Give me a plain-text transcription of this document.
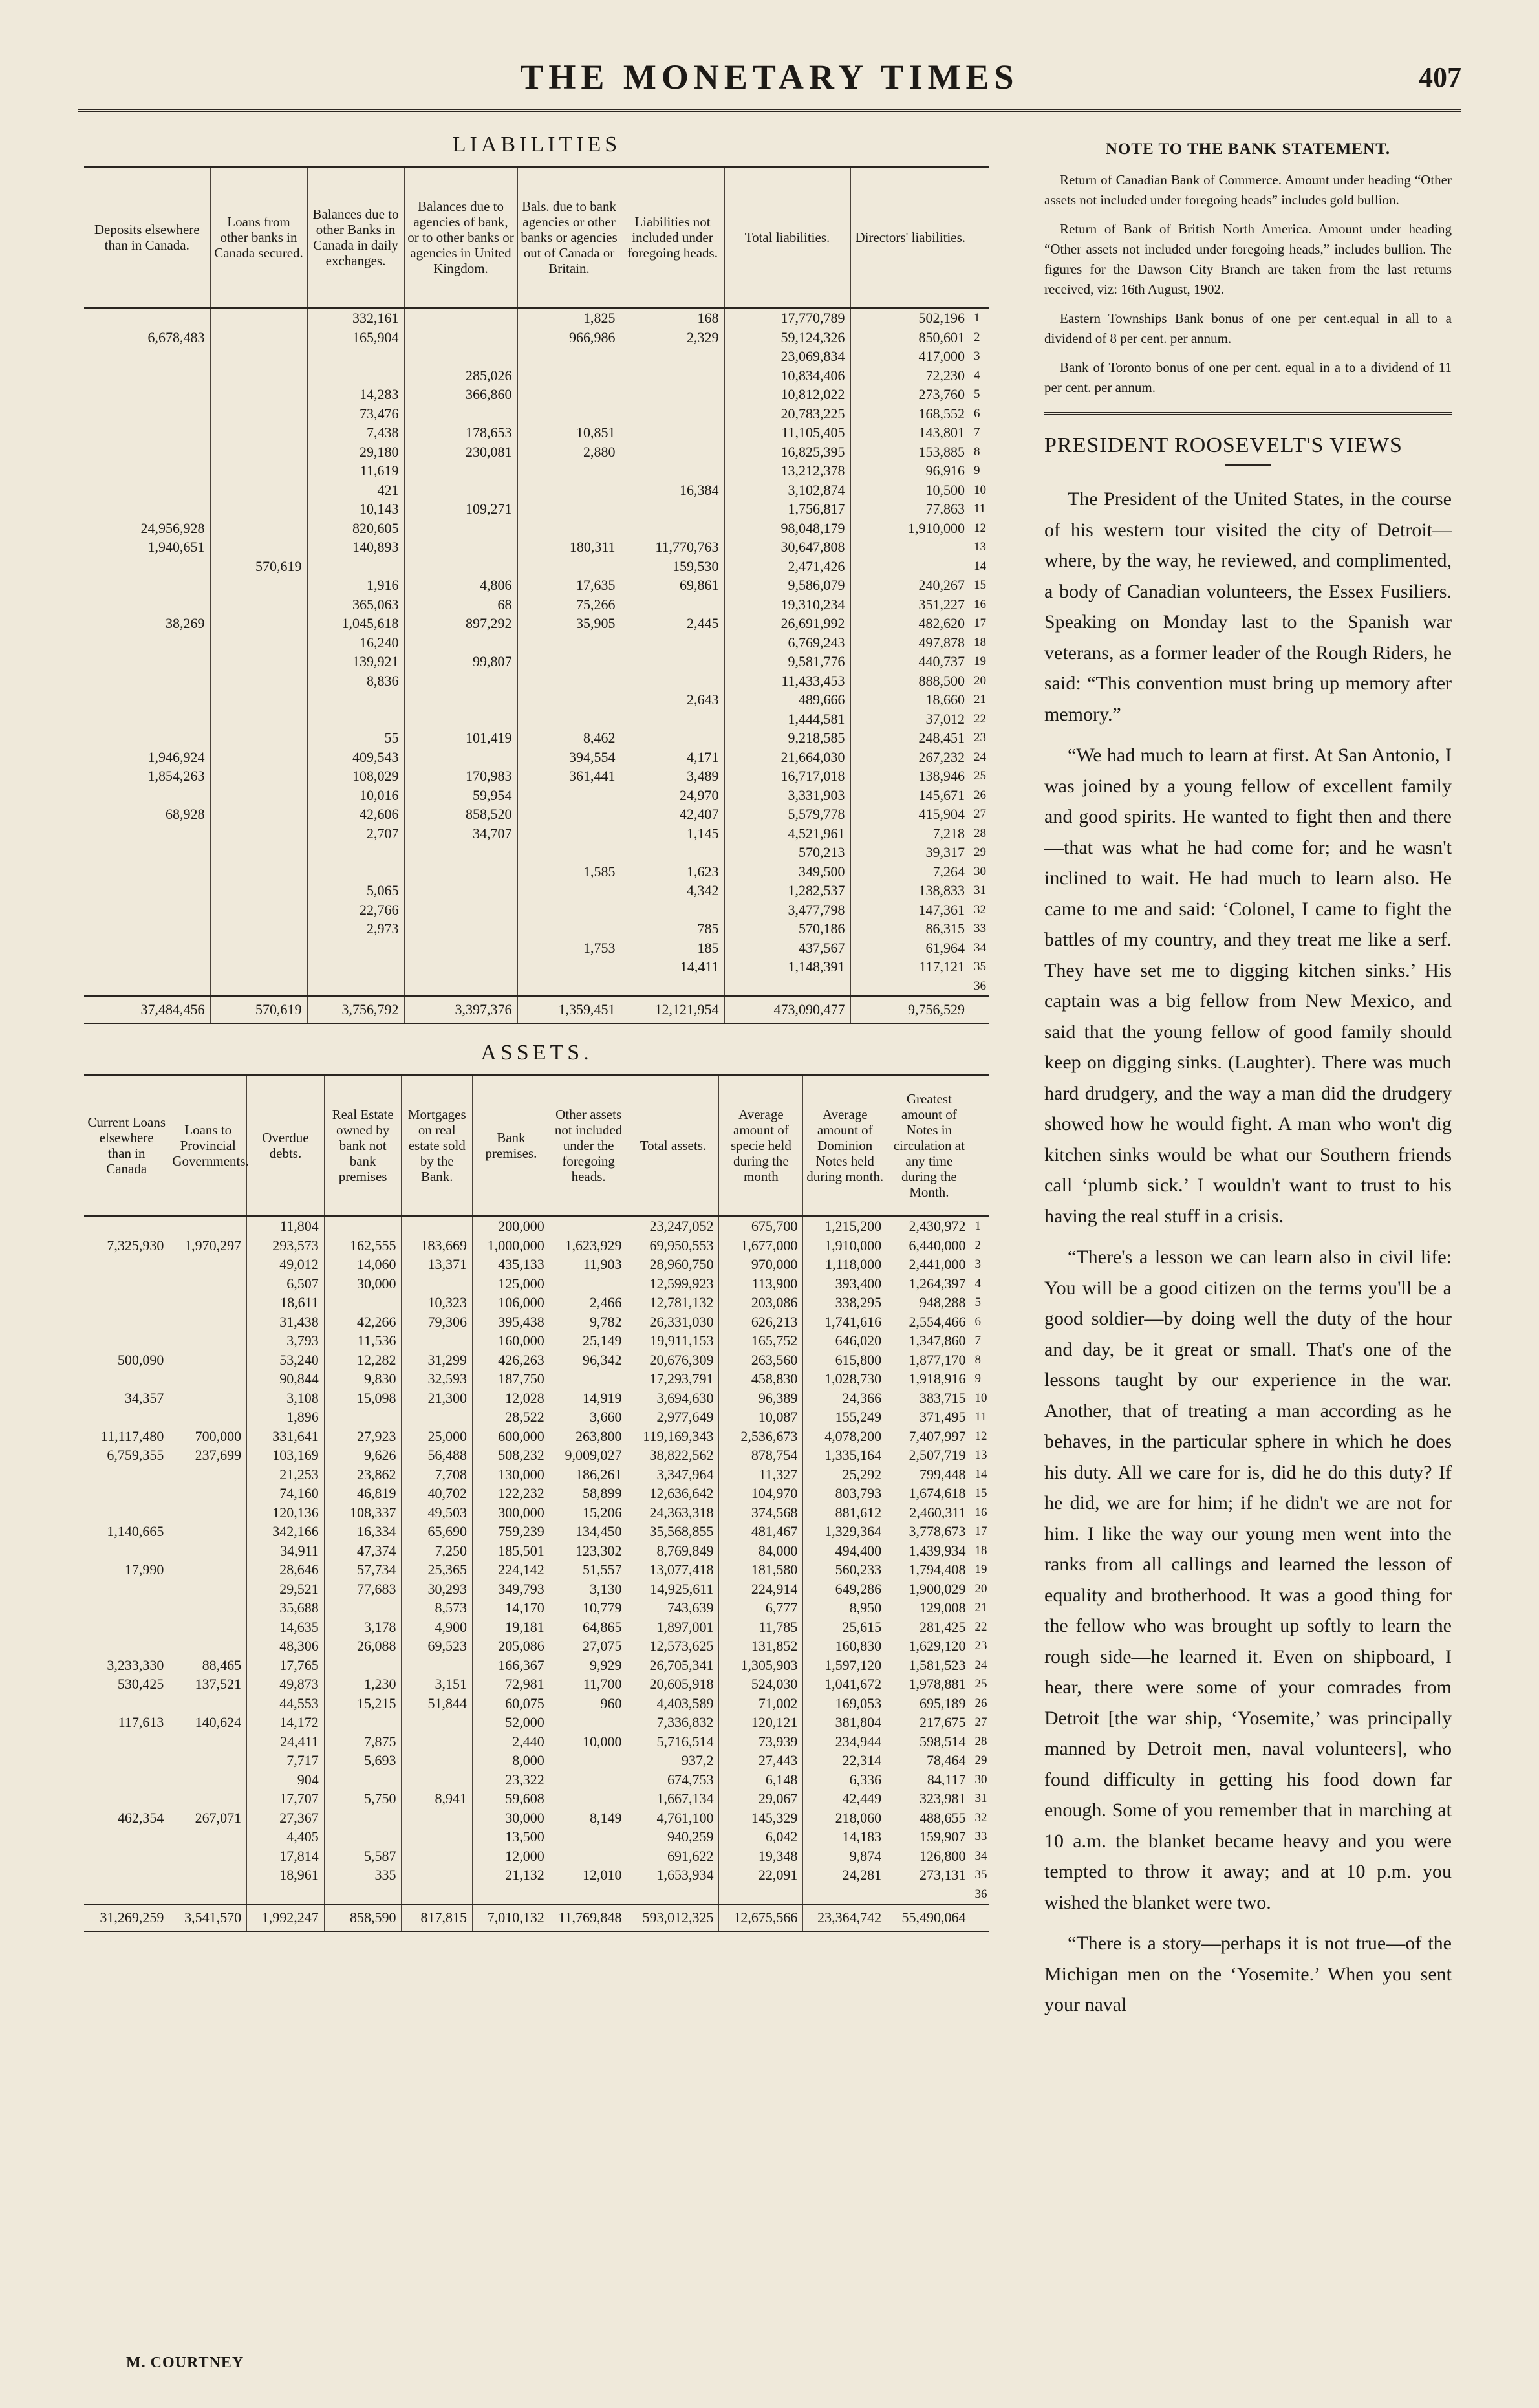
THE MONETARY TIMES	407
LIABILITIES
Deposits elsewhere than in Canada.	Loans from other banks in Canada secured.	Balances due to other Banks in Canada in daily exchanges.	Balances due to agencies of bank, or to other banks or agencies in United Kingdom.	Bals. due to bank agencies or other banks or agencies out of Canada or Britain.	Liabilities not included under foregoing heads.	Total liabilities.	Directors' liabilities.	
		332,161		1,825	168	17,770,789	502,196	1
6,678,483		165,904		966,986	2,329	59,124,326	850,601	2
						23,069,834	417,000	3
			285,026			10,834,406	72,230	4
		14,283	366,860			10,812,022	273,760	5
		73,476				20,783,225	168,552	6
		7,438	178,653	10,851		11,105,405	143,801	7
		29,180	230,081	2,880		16,825,395	153,885	8
		11,619				13,212,378	96,916	9
		421			16,384	3,102,874	10,500	10
		10,143	109,271			1,756,817	77,863	11
24,956,928		820,605				98,048,179	1,910,000	12
1,940,651		140,893		180,311	11,770,763	30,647,808		13
	570,619				159,530	2,471,426		14
		1,916	4,806	17,635	69,861	9,586,079	240,267	15
		365,063	68	75,266		19,310,234	351,227	16
38,269		1,045,618	897,292	35,905	2,445	26,691,992	482,620	17
		16,240				6,769,243	497,878	18
		139,921	99,807			9,581,776	440,737	19
		8,836				11,433,453	888,500	20
					2,643	489,666	18,660	21
						1,444,581	37,012	22
		55	101,419	8,462		9,218,585	248,451	23
1,946,924		409,543		394,554	4,171	21,664,030	267,232	24
1,854,263		108,029	170,983	361,441	3,489	16,717,018	138,946	25
		10,016	59,954		24,970	3,331,903	145,671	26
68,928		42,606	858,520		42,407	5,579,778	415,904	27
		2,707	34,707		1,145	4,521,961	7,218	28
						570,213	39,317	29
				1,585	1,623	349,500	7,264	30
		5,065			4,342	1,282,537	138,833	31
		22,766				3,477,798	147,361	32
		2,973			785	570,186	86,315	33
				1,753	185	437,567	61,964	34
					14,411	1,148,391	117,121	35
								36
37,484,456	570,619	3,756,792	3,397,376	1,359,451	12,121,954	473,090,477	9,756,529	
ASSETS.
Current Loans elsewhere than in Canada	Loans to Provincial Governments.	Overdue debts.	Real Estate owned by bank not bank premises	Mortgages on real estate sold by the Bank.	Bank premises.	Other assets not included under the foregoing heads.	Total assets.	Average amount of specie held during the month	Average amount of Dominion Notes held during month.	Greatest amount of Notes in circulation at any time during the Month.	
		11,804			200,000		23,247,052	675,700	1,215,200	2,430,972	1
7,325,930	1,970,297	293,573	162,555	183,669	1,000,000	1,623,929	69,950,553	1,677,000	1,910,000	6,440,000	2
		49,012	14,060	13,371	435,133	11,903	28,960,750	970,000	1,118,000	2,441,000	3
		6,507	30,000		125,000		12,599,923	113,900	393,400	1,264,397	4
		18,611		10,323	106,000	2,466	12,781,132	203,086	338,295	948,288	5
		31,438	42,266	79,306	395,438	9,782	26,331,030	626,213	1,741,616	2,554,466	6
		3,793	11,536		160,000	25,149	19,911,153	165,752	646,020	1,347,860	7
500,090		53,240	12,282	31,299	426,263	96,342	20,676,309	263,560	615,800	1,877,170	8
		90,844	9,830	32,593	187,750		17,293,791	458,830	1,028,730	1,918,916	9
34,357		3,108	15,098	21,300	12,028	14,919	3,694,630	96,389	24,366	383,715	10
		1,896			28,522	3,660	2,977,649	10,087	155,249	371,495	11
11,117,480	700,000	331,641	27,923	25,000	600,000	263,800	119,169,343	2,536,673	4,078,200	7,407,997	12
6,759,355	237,699	103,169	9,626	56,488	508,232	9,009,027	38,822,562	878,754	1,335,164	2,507,719	13
		21,253	23,862	7,708	130,000	186,261	3,347,964	11,327	25,292	799,448	14
		74,160	46,819	40,702	122,232	58,899	12,636,642	104,970	803,793	1,674,618	15
		120,136	108,337	49,503	300,000	15,206	24,363,318	374,568	881,612	2,460,311	16
1,140,665		342,166	16,334	65,690	759,239	134,450	35,568,855	481,467	1,329,364	3,778,673	17
		34,911	47,374	7,250	185,501	123,302	8,769,849	84,000	494,400	1,439,934	18
17,990		28,646	57,734	25,365	224,142	51,557	13,077,418	181,580	560,233	1,794,408	19
		29,521	77,683	30,293	349,793	3,130	14,925,611	224,914	649,286	1,900,029	20
		35,688		8,573	14,170	10,779	743,639	6,777	8,950	129,008	21
		14,635	3,178	4,900	19,181	64,865	1,897,001	11,785	25,615	281,425	22
		48,306	26,088	69,523	205,086	27,075	12,573,625	131,852	160,830	1,629,120	23
3,233,330	88,465	17,765			166,367	9,929	26,705,341	1,305,903	1,597,120	1,581,523	24
530,425	137,521	49,873	1,230	3,151	72,981	11,700	20,605,918	524,030	1,041,672	1,978,881	25
		44,553	15,215	51,844	60,075	960	4,403,589	71,002	169,053	695,189	26
117,613	140,624	14,172			52,000		7,336,832	120,121	381,804	217,675	27
		24,411	7,875		2,440	10,000	5,716,514	73,939	234,944	598,514	28
		7,717	5,693		8,000		937,2	27,443	22,314	78,464	29
		904			23,322		674,753	6,148	6,336	84,117	30
		17,707	5,750	8,941	59,608		1,667,134	29,067	42,449	323,981	31
462,354	267,071	27,367			30,000	8,149	4,761,100	145,329	218,060	488,655	32
		4,405			13,500		940,259	6,042	14,183	159,907	33
		17,814	5,587		12,000		691,622	19,348	9,874	126,800	34
		18,961	335		21,132	12,010	1,653,934	22,091	24,281	273,131	35
											36
31,269,259	3,541,570	1,992,247	858,590	817,815	7,010,132	11,769,848	593,012,325	12,675,566	23,364,742	55,490,064	
NOTE TO THE BANK STATEMENT.

Return of Canadian Bank of Commerce. Amount under heading “Other assets not included under foregoing heads” includes gold bullion.

Return of Bank of British North America. Amount under heading “Other assets not included under foregoing heads,” includes bullion. The figures for the Dawson City Branch are taken from the last returns received, viz: 16th August, 1902.

Eastern Townships Bank bonus of one per cent.equal in all to a dividend of 8 per cent. per annum.

Bank of Toronto bonus of one per cent. equal in a to a dividend of 11 per cent. per annum.

PRESIDENT ROOSEVELT'S VIEWS

The President of the United States, in the course of his western tour visited the city of Detroit—where, by the way, he reviewed, and complimented, a body of Canadian volunteers, the Essex Fusiliers. Speaking on Monday last to the Spanish war veterans, as a former leader of the Rough Riders, he said: “This convention must bring up memory after memory.”

“We had much to learn at first. At San Antonio, I was joined by a young fellow of excellent family and good spirits. He wanted to fight then and there—that was what he had come for; and he wasn't inclined to wait. He had much to learn also. He came to me and said: ‘Colonel, I came to fight the battles of my country, and they treat me like a serf. They have set me to digging kitchen sinks.’ His captain was a big fellow from New Mexico, and said that the young fellow of good family should keep on digging sinks. (Laughter). There was much hard drudgery, and the way a man did the drudgery showed how he would fight. A man who won't dig kitchen sinks would be what our Southern friends call ‘plumb sick.’ I wouldn't want to trust to his having the real stuff in a crisis.

“There's a lesson we can learn also in civil life: You will be a good citizen on the terms you'll be a good soldier—by doing well the duty of the hour and day, be it great or small. That's one of the lessons taught by our experience in the war. Another, that of treating a man according as he behaves, in the particular sphere in which he does his duty. All we care for is, did he do this duty? If he did, we are for him; if he didn't we are not for him. I like the way our young men went into the ranks from all callings and learned the lesson of equality and brotherhood. It was a good thing for the fellow who was brought up softly to learn the rough side—he learned it. Even on shipboard, I hear, there were some of your comrades from Detroit [the war ship, ‘Yosemite,’ was principally manned by Detroit men, naval volunteers], who found difficulty in getting his food down far enough. Some of you remember that in marching at 10 a.m. the blanket became heavy and you were tempted to throw it away; and at 10 p.m. you wished the blanket were two.

“There is a story—perhaps it is not true—of the Michigan men on the ‘Yosemite.’ When you sent your naval

M. COURTNEY
